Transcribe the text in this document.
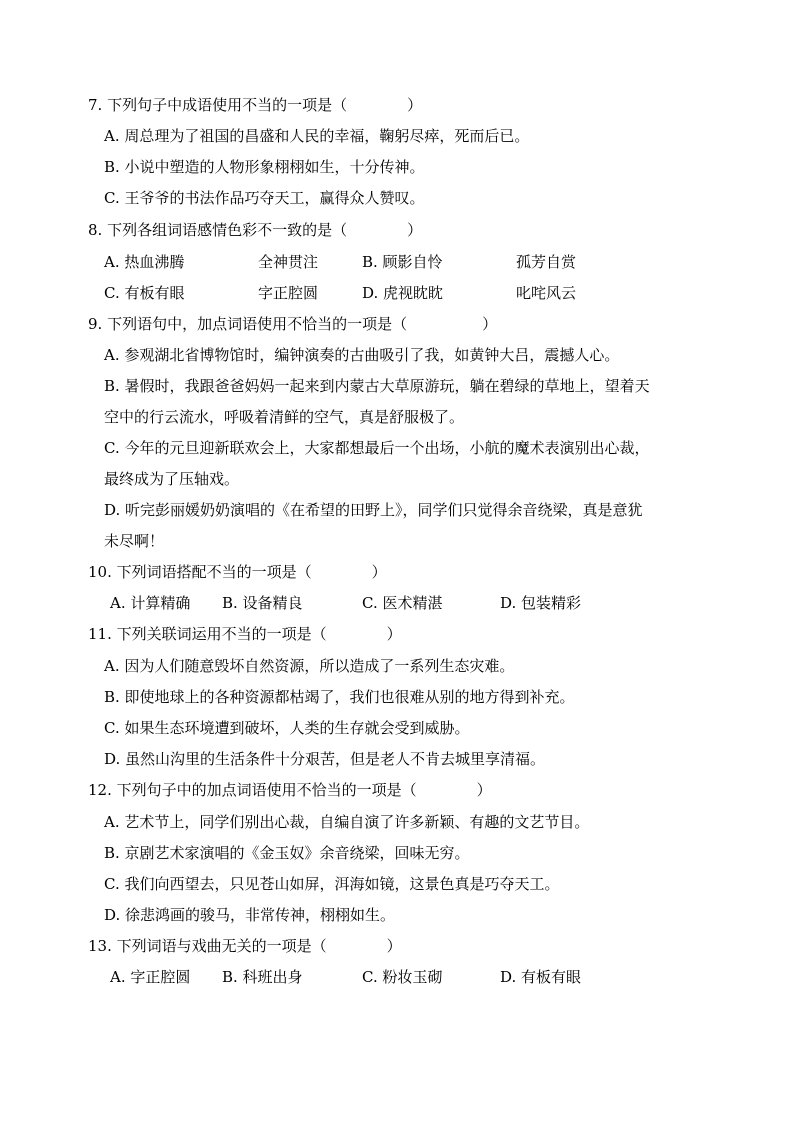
7. 下列句子中成语使用不当的一项是（　　　　）
A. 周总理为了祖国的昌盛和人民的幸福，鞠躬尽瘁，死而后已。
B. 小说中塑造的人物形象栩栩如生，十分传神。
C. 王爷爷的书法作品巧夺天工，赢得众人赞叹。
8. 下列各组词语感情色彩不一致的是（　　　　）
A. 热血沸腾	全神贯注	B. 顾影自怜	孤芳自赏
C. 有板有眼	字正腔圆	D. 虎视眈眈	叱咤风云
9. 下列语句中，加点词语使用不恰当的一项是（　　　　　）
A. 参观湖北省博物馆时，编钟演奏的古曲吸引了我，如黄钟大吕，震撼人心。
B. 暑假时，我跟爸爸妈妈一起来到内蒙古大草原游玩，躺在碧绿的草地上，望着天
空中的行云流水，呼吸着清鲜的空气，真是舒服极了。
C. 今年的元旦迎新联欢会上，大家都想最后一个出场，小航的魔术表演别出心裁，
最终成为了压轴戏。
D. 听完彭丽媛奶奶演唱的《在希望的田野上》，同学们只觉得余音绕梁，真是意犹
未尽啊！
10. 下列词语搭配不当的一项是（　　　　）
A. 计算精确 B. 设备精良	C. 医术精湛	D. 包装精彩
11. 下列关联词运用不当的一项是（　　　　）
A. 因为人们随意毁坏自然资源，所以造成了一系列生态灾难。
B. 即使地球上的各种资源都枯竭了，我们也很难从别的地方得到补充。
C. 如果生态环境遭到破坏，人类的生存就会受到威胁。
D. 虽然山沟里的生活条件十分艰苦，但是老人不肯去城里享清福。
12. 下列句子中的加点词语使用不恰当的一项是（　　　　）
A. 艺术节上，同学们别出心裁，自编自演了许多新颖、有趣的文艺节目。
B. 京剧艺术家演唱的《金玉奴》余音绕梁，回味无穷。
C. 我们向西望去，只见苍山如屏，洱海如镜，这景色真是巧夺天工。
D. 徐悲鸿画的骏马，非常传神，栩栩如生。
13. 下列词语与戏曲无关的一项是（　　　　）
A. 字正腔圆 B. 科班出身	C. 粉妆玉砌	D. 有板有眼
